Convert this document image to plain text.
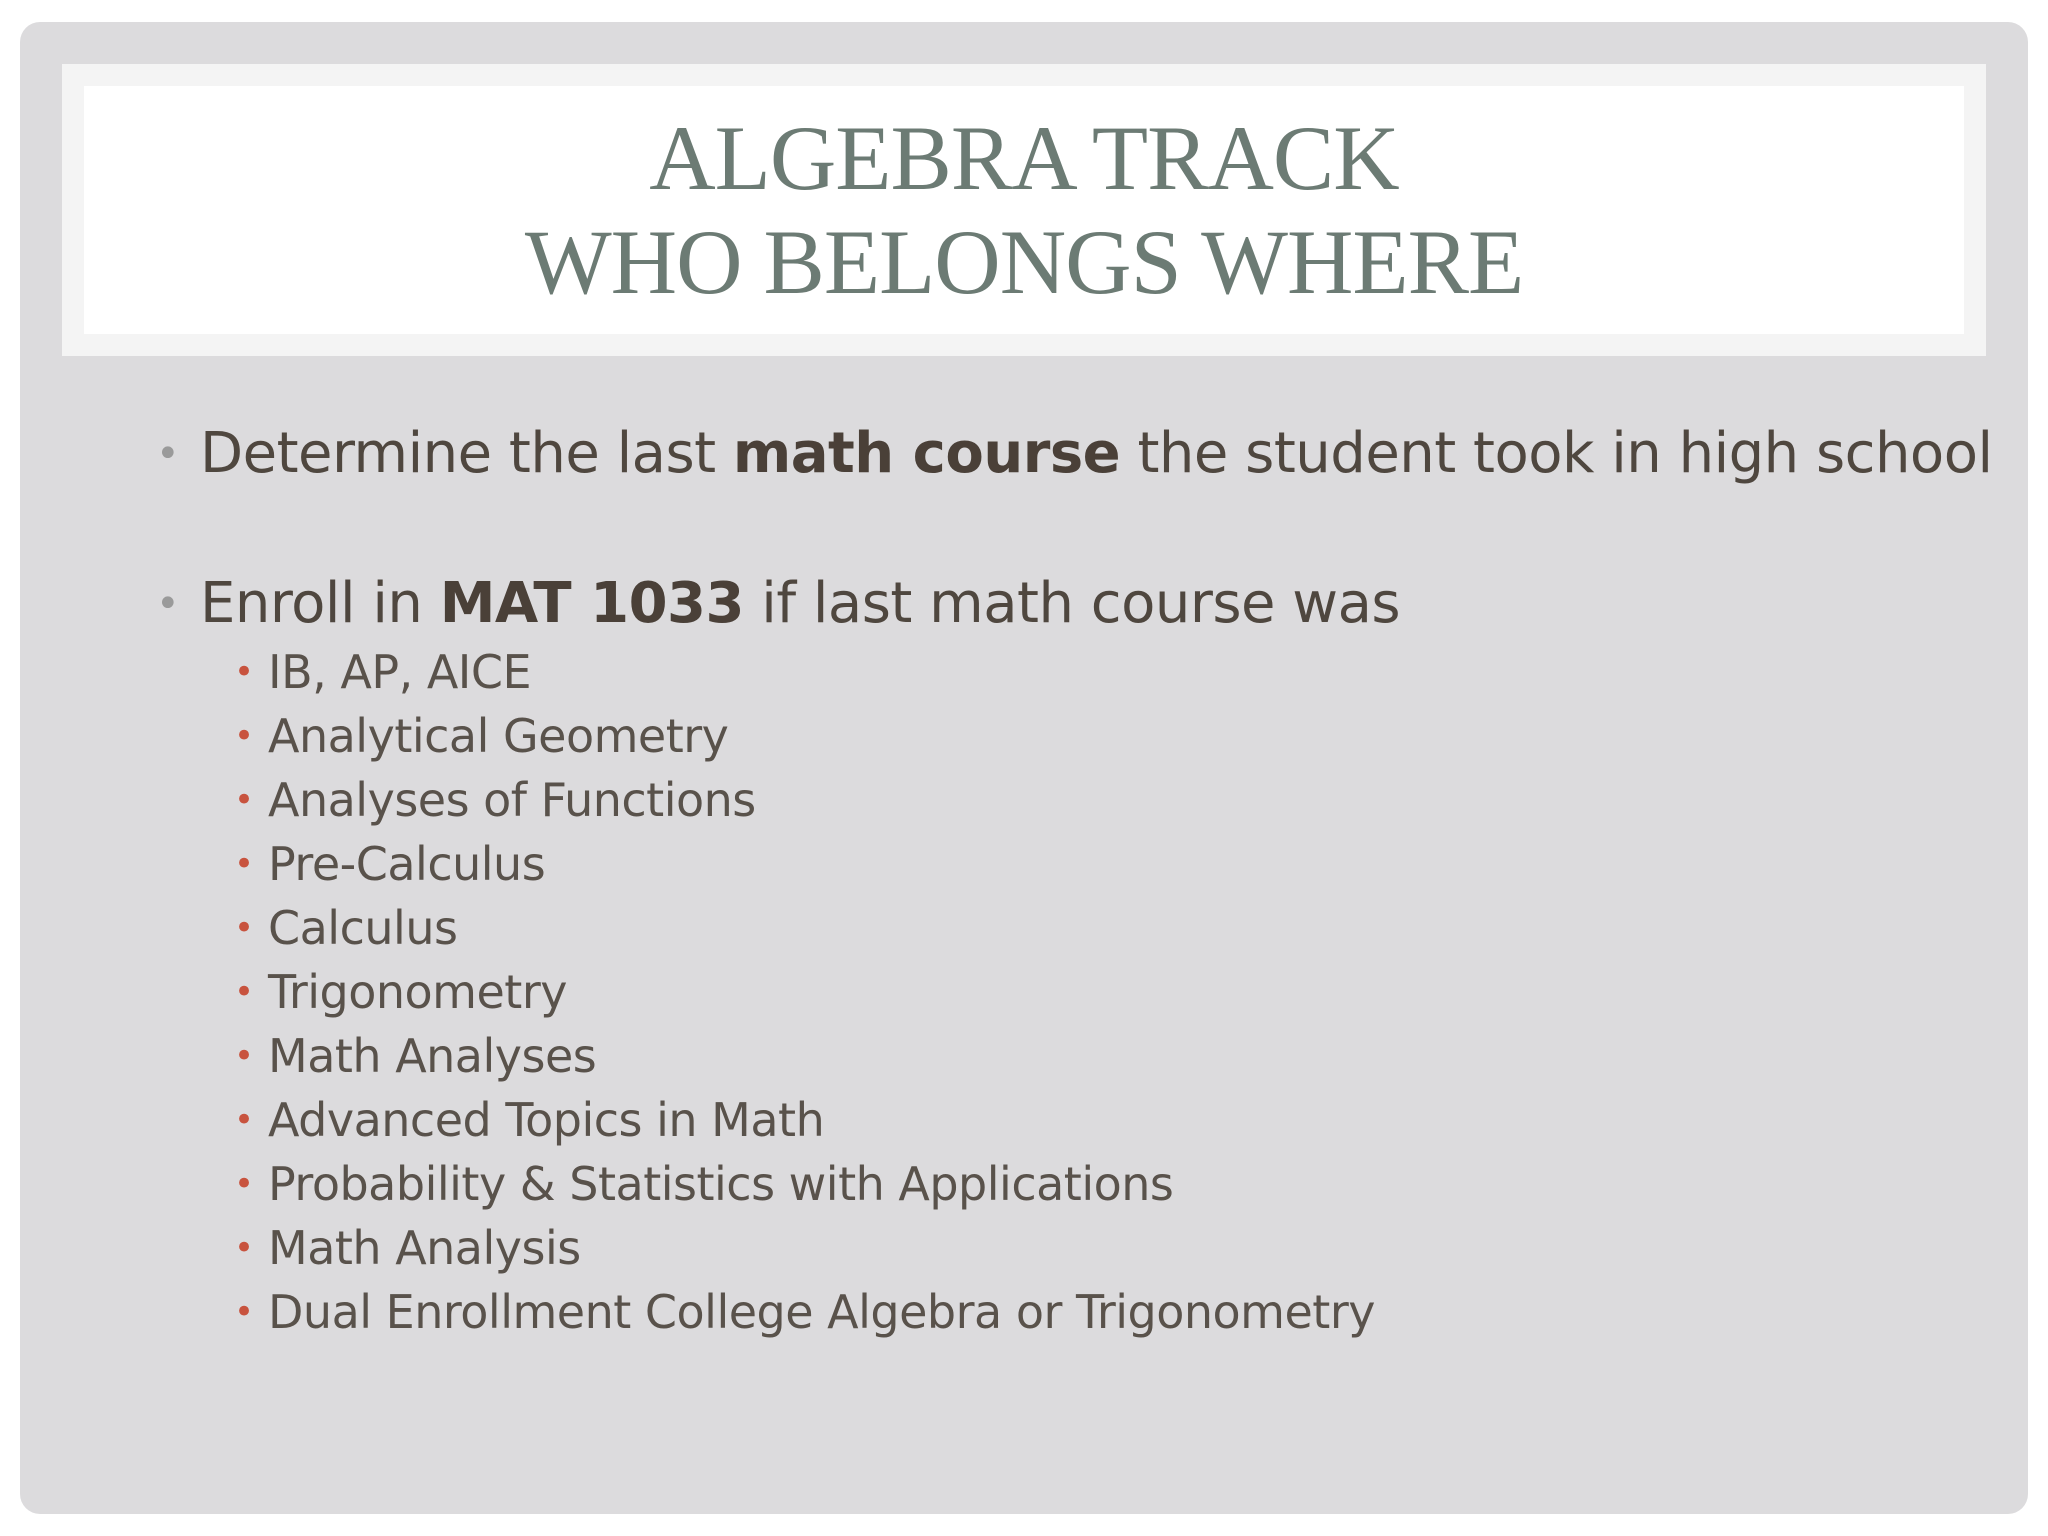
ALGEBRA TRACK
WHO BELONGS WHERE
• Determine the last math course the student took in high school
• Enroll in MAT 1033 if last math course was
• IB, AP, AICE
• Analytical Geometry
• Analyses of Functions
• Pre-Calculus
• Calculus
• Trigonometry
• Math Analyses
• Advanced Topics in Math
• Probability & Statistics with Applications
• Math Analysis
• Dual Enrollment College Algebra or Trigonometry
